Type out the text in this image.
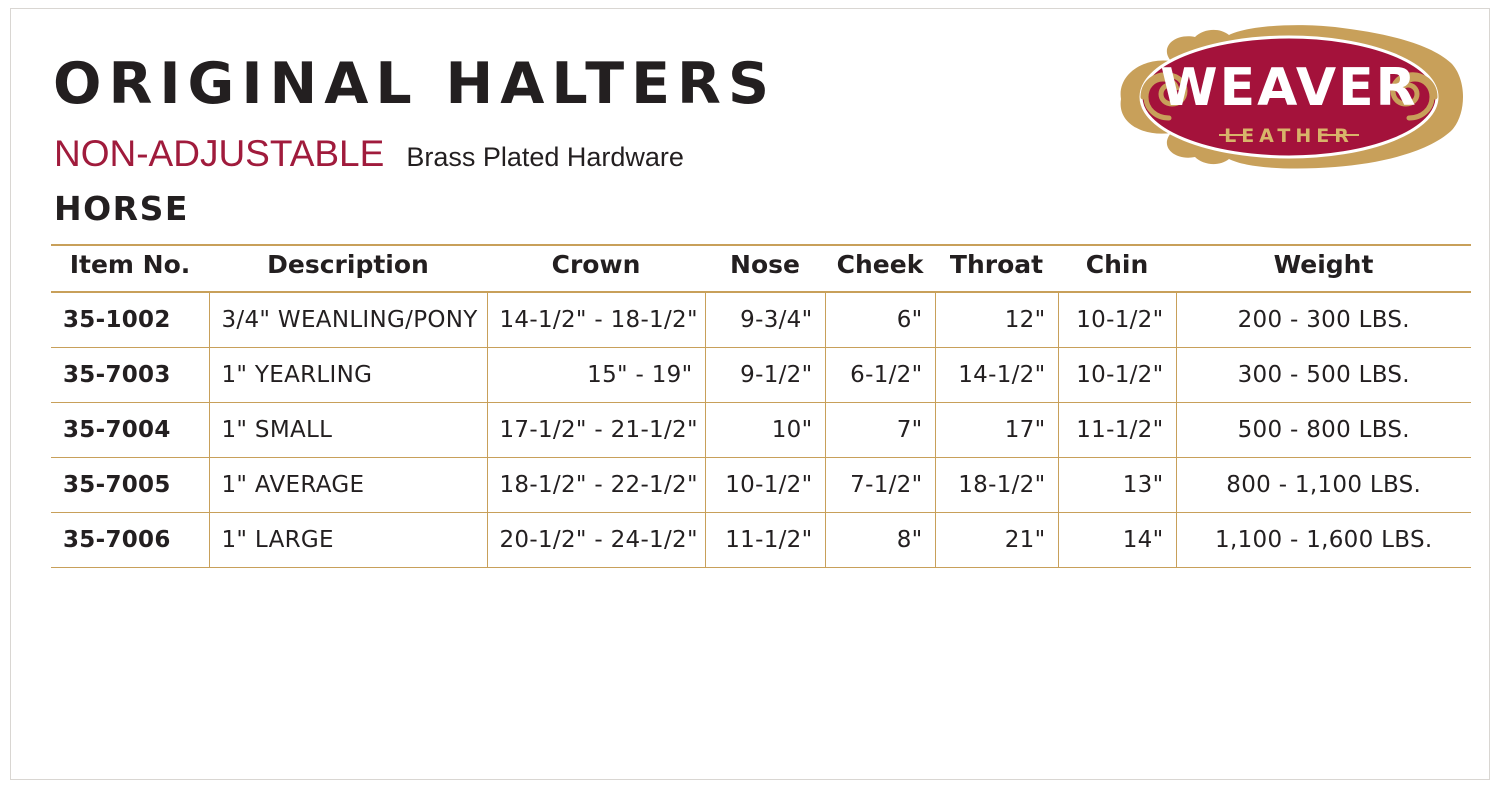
WEAVER
LEATHER
ORIGINAL HALTERS
NON-ADJUSTABLE Brass Plated Hardware
HORSE
Item No.	Description	Crown	Nose	Cheek	Throat	Chin	Weight
35-1002	3/4" WEANLING/PONY	14-1/2" - 18-1/2"	9-3/4"	6"	12"	10-1/2"	200 - 300 LBS.
35-7003	1" YEARLING	15" - 19"	9-1/2"	6-1/2"	14-1/2"	10-1/2"	300 - 500 LBS.
35-7004	1" SMALL	17-1/2" - 21-1/2"	10"	7"	17"	11-1/2"	500 - 800 LBS.
35-7005	1" AVERAGE	18-1/2" - 22-1/2"	10-1/2"	7-1/2"	18-1/2"	13"	800 - 1,100 LBS.
35-7006	1" LARGE	20-1/2" - 24-1/2"	11-1/2"	8"	21"	14"	1,100 - 1,600 LBS.
